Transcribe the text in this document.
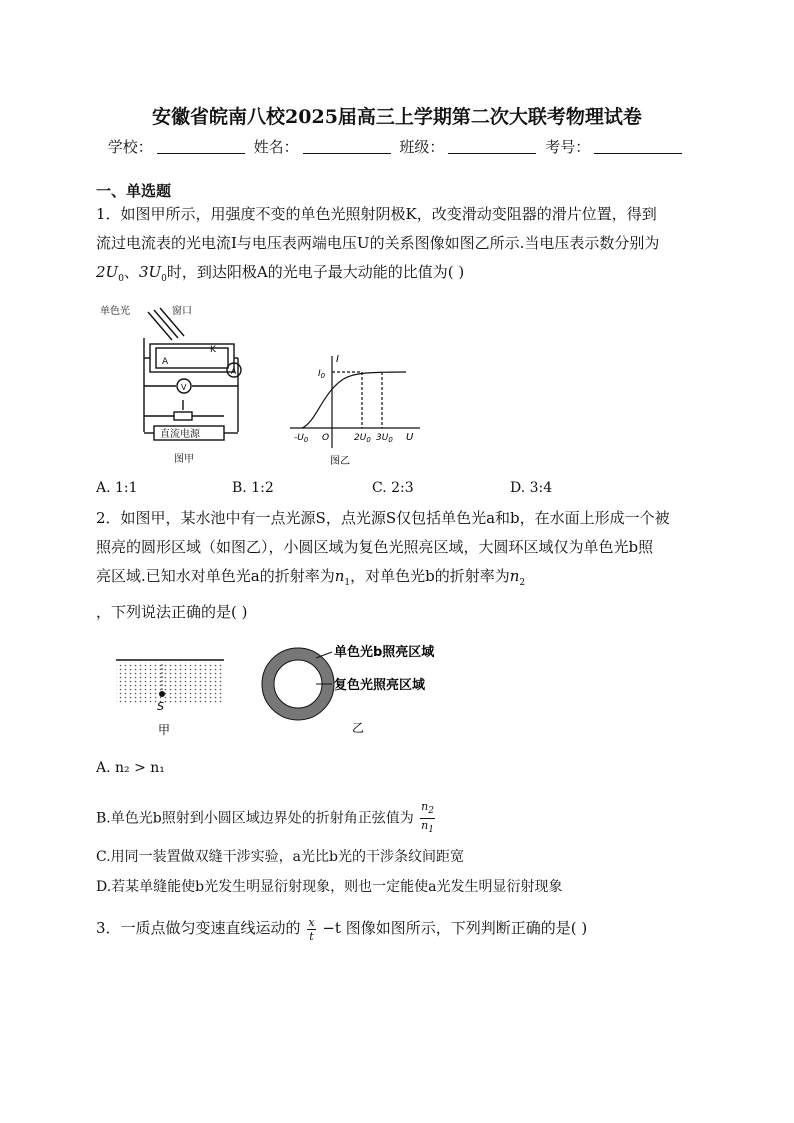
安徽省皖南八校2025届高三上学期第二次大联考物理试卷
学校：	姓名：	班级：	考号：
一、单选题
1．如图甲所示，用强度不变的单色光照射阴极K，改变滑动变阻器的滑片位置，得到
流过电流表的光电流I与电压表两端电压U的关系图像如图乙所示.当电压表示数分别为
$2U_0$、$3U_0$时，到达阳极A的光电子最大动能的比值为( )
单色光	窗口
K
A
V
A
直流电源
图甲
I
$I_0$
$-U_0$ O	$2U_0$ $3U_0$ U
图乙
A. 1:1	B. 1:2	C. 2:3	D. 3:4
2．如图甲，某水池中有一点光源S，点光源S仅包括单色光a和b，在水面上形成一个被
照亮的圆形区域（如图乙），小圆区域为复色光照亮区域，大圆环区域仅为单色光b照
亮区域.已知水对单色光a的折射率为$n_1$，对单色光b的折射率为$n_2$
，下列说法正确的是( )
S
甲
单色光b照亮区域
复色光照亮区域
乙
A. n₂ > n₁
B.单色光b照射到小圆区域边界处的折射角正弦值为 $\frac{n_2}{n_1}$
C.用同一装置做双缝干涉实验，a光比b光的干涉条纹间距宽
D.若某单缝能使b光发生明显衍射现象，则也一定能使a光发生明显衍射现象
3．一质点做匀变速直线运动的 $\frac{x}{t} -t$ 图像如图所示，下列判断正确的是( )
